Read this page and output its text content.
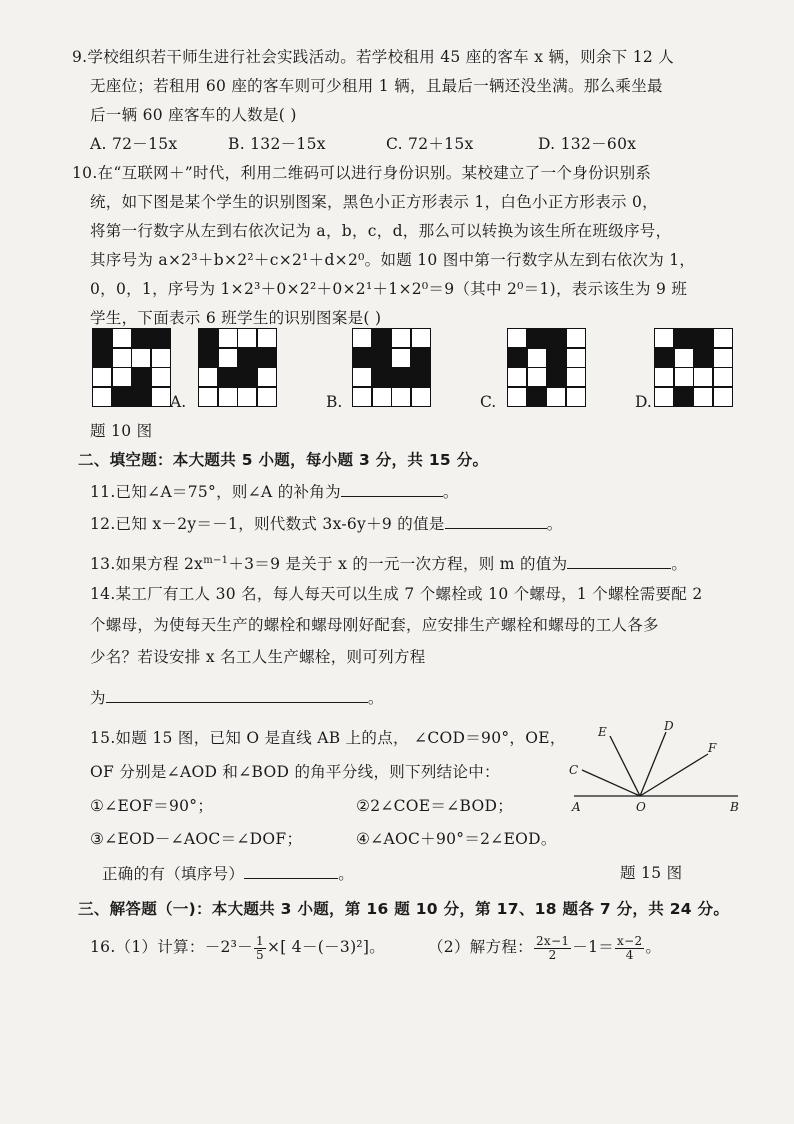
9.学校组织若干师生进行社会实践活动。若学校租用 45 座的客车 x 辆，则余下 12 人
无座位；若租用 60 座的客车则可少租用 1 辆，且最后一辆还没坐满。那么乘坐最
后一辆 60 座客车的人数是( )
A. 72－15x	B. 132－15x	C. 72＋15x	D. 132－60x
10.在“互联网＋”时代，利用二维码可以进行身份识别。某校建立了一个身份识别系
统，如下图是某个学生的识别图案，黑色小正方形表示 1，白色小正方形表示 0，
将第一行数字从左到右依次记为 a，b，c，d，那么可以转换为该生所在班级序号，
其序号为 a×2³＋b×2²＋c×2¹＋d×2⁰。如题 10 图中第一行数字从左到右依次为 1，
0，0，1，序号为 1×2³＋0×2²＋0×2¹＋1×2⁰＝9（其中 2⁰＝1)，表示该生为 9 班
学生，下面表示 6 班学生的识别图案是( )
A.	B.	C.	D.
题 10 图
二、填空题：本大题共 5 小题，每小题 3 分，共 15 分。
11.已知∠A＝75°，则∠A 的补角为	。
12.已知 x－2y＝－1，则代数式 3x-6y＋9 的值是	。
13.如果方程 $2x^{m-1}+3=9$ 是关于 x 的一元一次方程，则 m 的值为	。
14.某工厂有工人 30 名，每人每天可以生成 7 个螺栓或 10 个螺母，1 个螺栓需要配 2
个螺母，为使每天生产的螺栓和螺母刚好配套，应安排生产螺栓和螺母的工人各多
少名？若设安排 x 名工人生产螺栓，则可列方程
为	。
15.如题 15 图，已知 O 是直线 AB 上的点， ∠COD＝90°，OE，
OF 分别是∠AOD 和∠BOD 的角平分线，则下列结论中：
①∠EOF＝90°；	②2∠COE＝∠BOD；
③∠EOD－∠AOC＝∠DOF；	④∠AOC＋90°＝2∠EOD。
正确的有（填序号）	。	题 15 图
E	D
F
C
A	O	B
三、解答题（一)：本大题共 3 小题，第 16 题 10 分，第 17、18 题各 7 分，共 24 分。
16.（1）计算：$-2^3- \frac{1}{5}$ ×[ 4－(－3)²]。	（2）解方程： $\frac{2x-1}{2} -1= \frac{x-2}{4}$ 。
